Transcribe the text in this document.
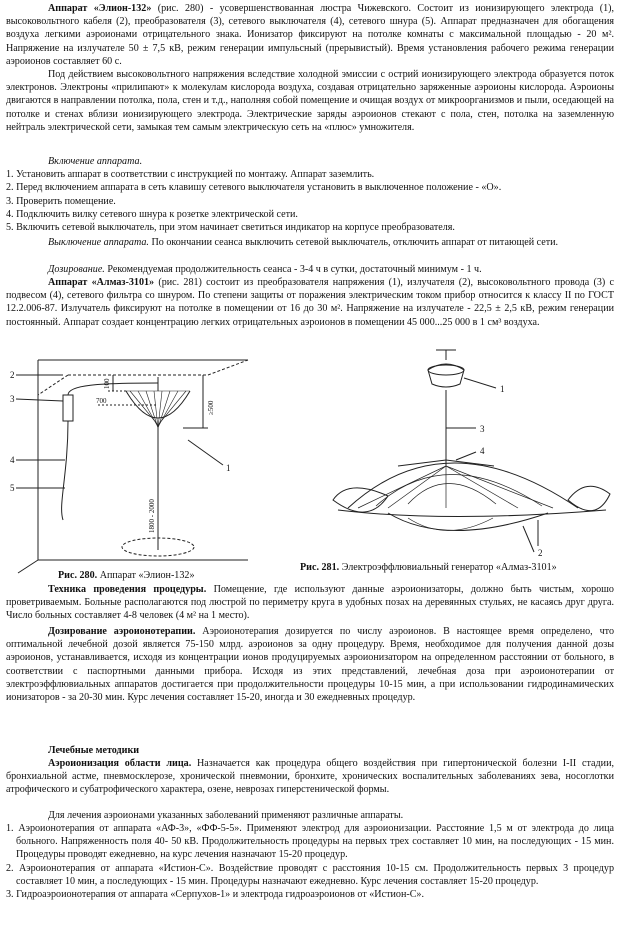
Аппарат «Элион-132» (рис. 280) - усовершенствованная люстра Чижевского. Состоит из ионизирующего электрода (1), высоковольтного кабеля (2), преобразователя (3), сетевого выключателя (4), сетевого шнура (5). Аппарат предназначен для обогащения воздуха легкими аэроионами отрицательного знака. Ионизатор фиксируют на потолке комнаты с максимальной площадью - 20 м². Напряжение на излучателе 50 ± 7,5 кВ, режим генерации импульсный (прерывистый). Время установления рабочего режима генерации аэроионов составляет 60 с.
Под действием высоковольтного напряжения вследствие холодной эмиссии с острий ионизирующего электрода образуется поток электронов. Электроны «прилипают» к молекулам кислорода воздуха, создавая отрицательно заряженные аэроионы кислорода. Аэроионы двигаются в направлении потолка, пола, стен и т.д., наполняя собой помещение и очищая воздух от микроорганизмов и пыли, оседающей на потолке и стенах вблизи ионизирующего электрода. Электрические заряды аэроионов стекают с пола, стен, потолка на заземленную нейтраль электрической сети, замыкая тем самым электрическую сеть на «плюс» умножителя.
Включение аппарата.
1. Установить аппарат в соответствии с инструкцией по монтажу. Аппарат заземлить.
2. Перед включением аппарата в сеть клавишу сетевого выключателя установить в выключенное положение - «О».
3. Проверить помещение.
4. Подключить вилку сетевого шнура к розетке электрической сети.
5. Включить сетевой выключатель, при этом начинает светиться индикатор на корпусе преобразователя.
Выключение аппарата. По окончании сеанса выключить сетевой выключатель, отключить аппарат от питающей сети.
Дозирование. Рекомендуемая продолжительность сеанса - 3-4 ч в сутки, достаточный минимум - 1 ч.
Аппарат «Алмаз-3101» (рис. 281) состоит из преобразователя напряжения (1), излучателя (2), высоковольтного провода (3) с подвесом (4), сетевого фильтра со шнуром. По степени защиты от поражения электрическим током прибор относится к классу II по ГОСТ 12.2.006-87. Излучатель фиксируют на потолке в помещении от 16 до 30 м². Напряжение на излучателе - 22,5 ± 2,5 кВ, режим генерации постоянный. Аппарат создает концентрацию легких отрицательных аэроионов в помещении 45 000...25 000 в 1 см³ воздуха.
2
3
4
5
1
100
700	≥500
1800 - 2000
Рис. 280. Аппарат «Элион-132»
1
3
4
2
Рис. 281. Электроэффлювиальный генератор «Алмаз-3101»
Техника проведения процедуры. Помещение, где используют данные аэроионизаторы, должно быть чистым, хорошо проветриваемым. Больные располагаются под люстрой по периметру круга в удобных позах на деревянных стульях, не касаясь друг друга. Число больных составляет 4-8 человек (4 м² на 1 место).
Дозирование аэроионотерапии. Аэроионотерапия дозируется по числу аэроионов. В настоящее время определено, что оптимальной лечебной дозой является 75-150 млрд. аэроионов за одну процедуру. Время, необходимое для получения данной дозы аэроионов, устанавливается, исходя из концентрации ионов продуцируемых аэроионизатором на определенном расстоянии от больного, в соответствии с паспортными данными прибора. Исходя из этих представлений, лечебная доза при аэроионотерапии от электроэффлювиальных аппаратов достигается при продолжительности процедуры 10-15 мин, а при использовании гидродинамических ионизаторов - за 20-30 мин. Курс лечения составляет 15-20, иногда и 30 ежедневных процедур.
Лечебные методики
Аэроионизация области лица. Назначается как процедура общего воздействия при гипертонической болезни I-II стадии, бронхиальной астме, пневмосклерозе, хронической пневмонии, бронхите, хронических воспалительных заболеваниях зева, носоглотки атрофического и субатрофического характера, озене, неврозах гиперстенической формы.
Для лечения аэроионами указанных заболеваний применяют различные аппараты.
1. Аэроионотерапия от аппарата «АФ-3», «ФФ-5-5». Применяют электрод для аэроионизации. Расстояние 1,5 м от электрода до лица больного. Напряженность поля 40- 50 кВ. Продолжительность процедуры на первых трех составляет 10 мин, на последующих - 15 мин. Процедуры проводят ежедневно, на курс лечения назначают 15-20 процедур.
2. Аэроионотерапия от аппарата «Истион-С». Воздействие проводят с расстояния 10-15 см. Продолжительность первых 3 процедур составляет 10 мин, а последующих - 15 мин. Процедуры назначают ежедневно. Курс лечения составляет 15-20 процедур.
3. Гидроаэроионотерапия от аппарата «Серпухов-1» и электрода гидроаэроионов от «Истион-С».
